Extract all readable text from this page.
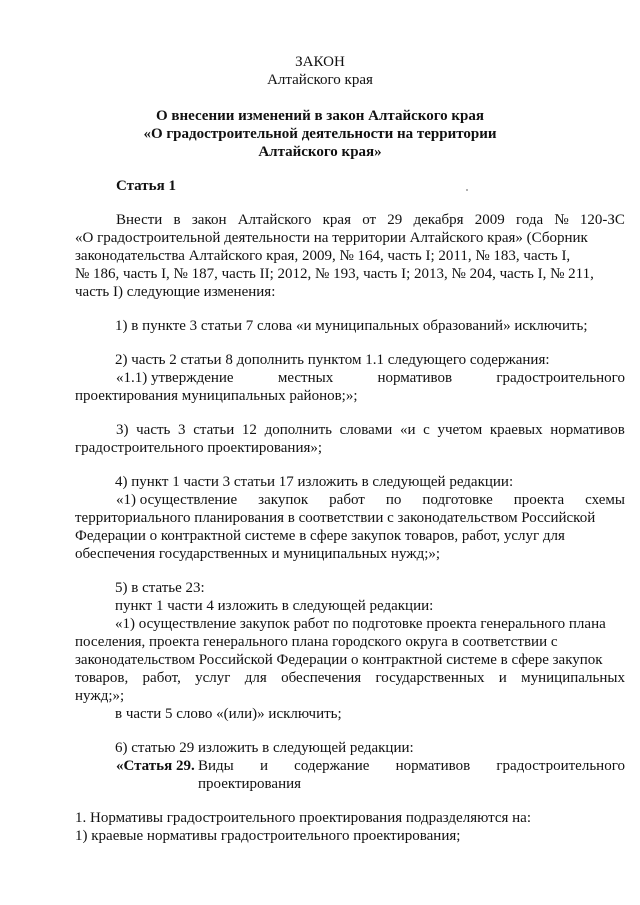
ЗАКОН
Алтайского края
О внесении изменений в закон Алтайского края
«О градостроительной деятельности на территории
Алтайского края»
Статья 1
Внести в закон Алтайского края от 29 декабря 2009 года № 120-ЗС
«О градостроительной деятельности на территории Алтайского края» (Сборник
законодательства Алтайского края, 2009, № 164, часть I; 2011, № 183, часть I,
№ 186, часть I, № 187, часть II; 2012, № 193, часть I; 2013, № 204, часть I, № 211,
часть I) следующие изменения:
1) в пункте 3 статьи 7 слова «и муниципальных образований» исключить;
2) часть 2 статьи 8 дополнить пунктом 1.1 следующего содержания:
«1.1) утверждение	местных	нормативов	градостроительного
проектирования муниципальных районов;»;
3) часть 3 статьи 12 дополнить словами «и с учетом краевых нормативов
градостроительного проектирования»;
4) пункт 1 части 3 статьи 17 изложить в следующей редакции:
«1) осуществление закупок работ по подготовке проекта схемы
территориального планирования в соответствии с законодательством Российской
Федерации о контрактной системе в сфере закупок товаров, работ, услуг для
обеспечения государственных и муниципальных нужд;»;
5) в статье 23:
пункт 1 части 4 изложить в следующей редакции:
«1) осуществление закупок работ по подготовке проекта генерального плана
поселения, проекта генерального плана городского округа в соответствии с
законодательством Российской Федерации о контрактной системе в сфере закупок
товаров, работ, услуг для обеспечения государственных и муниципальных
нужд;»;
в части 5 слово «(или)» исключить;
6) статью 29 изложить в следующей редакции:
«Статья 29. Виды и содержание нормативов градостроительного
проектирования
1. Нормативы градостроительного проектирования подразделяются на:
1) краевые нормативы градостроительного проектирования;
